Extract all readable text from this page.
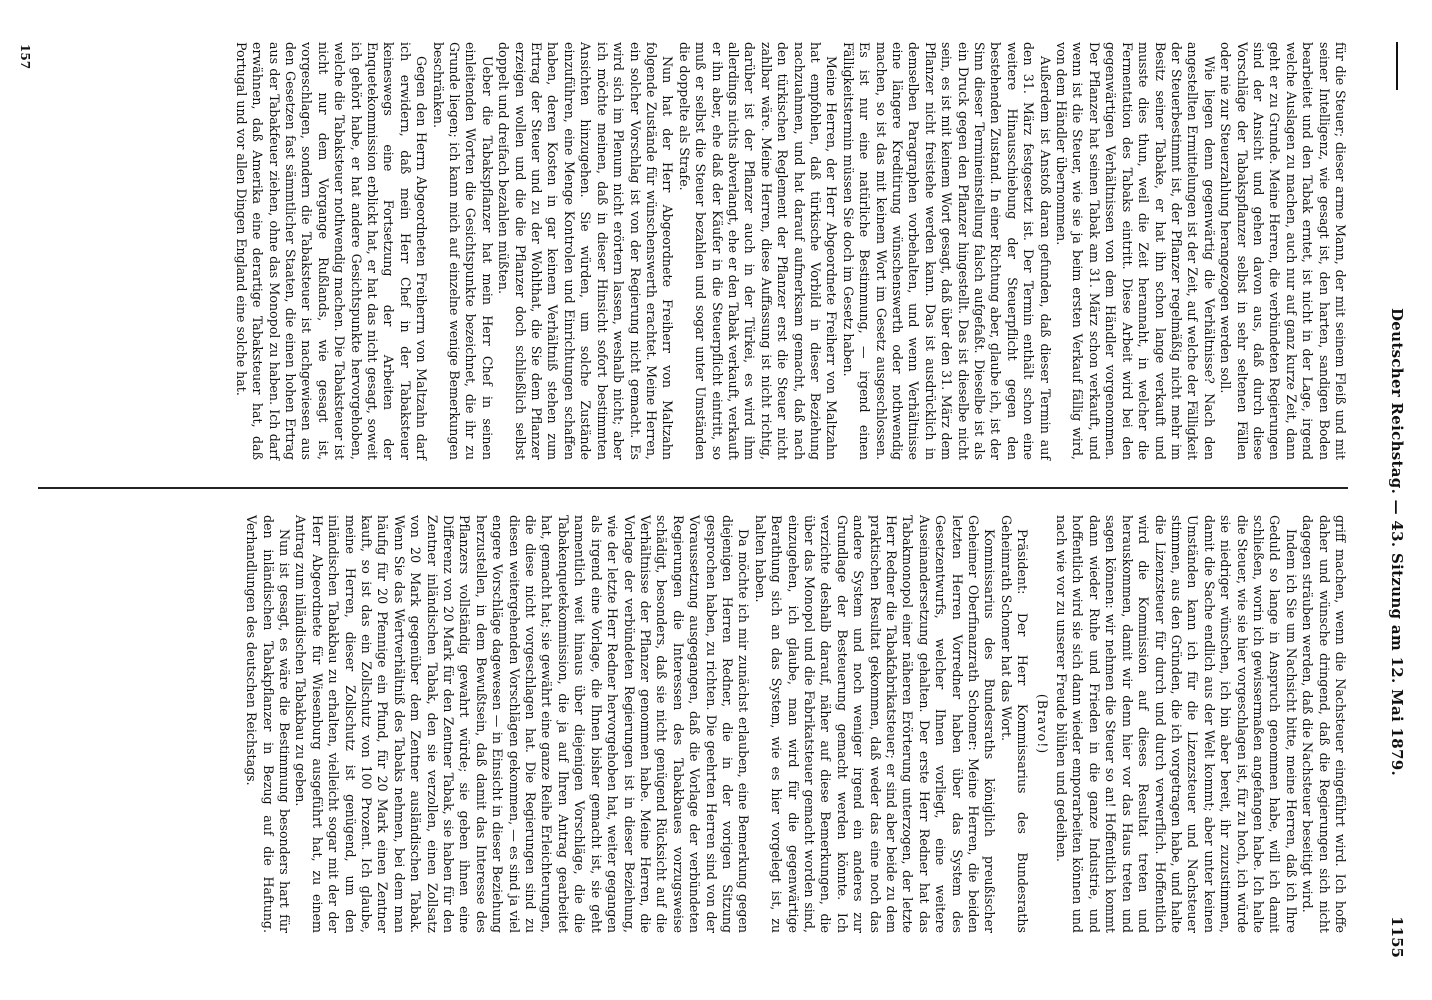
Deutscher Reichstag. — 43. Sitzung am 12. Mai 1879.
1155

für die Steuer; dieser arme Mann, der mit seinem Fleiß und mit seiner Intelligenz, wie gesagt ist, den harten, sandigen Boden bearbeitet und den Tabak erntet, ist nicht in der Lage, irgend welche Auslagen zu machen, auch nur auf ganz kurze Zeit, dann geht er zu Grunde. Meine Herren, die verbündeten Regierungen sind der Ansicht und gehen davon aus, daß durch diese Vorschläge der Tabakspflanzer selbst in sehr seltenen Fällen oder nie zur Steuerzahlung herangezogen werden soll.

Wie liegen denn gegenwärtig die Verhältnisse? Nach den angestellten Ermittelungen ist der Zeit, auf welche der Fälligkeit der Steuerbestimmt ist, der Pflanzer regelmäßig nicht mehr im Besitz seiner Tabake, er hat ihn schon lange verkauft und musste dies thun, weil die Zeit herannaht, in welcher die Fermentation des Tabaks eintritt. Diese Arbeit wird bei den gegenwärtigen Verhältnissen von dem Händler vorgenommen. Der Pflanzer hat seinen Tabak am 31. März schon verkauft, und wenn ist die Steuer, wie sie ja beim ersten Verkauf fällig wird, von dem Händler übernommen.

Außerdem ist Anstoß daran gefunden, daß dieser Termin auf den 31. März festgesetzt ist. Der Termin enthält schon eine weitere Hinausschiebung der Steuerpflicht gegen den bestehenden Zustand. In einer Richtung aber, glaube ich, ist der Sinn dieser Termineinstellung falsch aufgefaßt. Dieselbe ist als ein Druck gegen den Pflanzer hingestellt. Das ist dieselbe nicht sein, es ist mit keinem Wort gesagt, daß über den 31. März dem Pflanzer nicht freistehe werden kann. Das ist ausdrücklich in demselben Paragraphen vorbehalten, und wenn Verhältnisse eine längere Kreditirung wünschenswerth oder nothwendig machen, so ist das mit keinem Wort im Gesetz ausgeschlossen. Es ist nur eine natürliche Bestimmung, — irgend einen Fälligkeitstermin müssen Sie doch im Gesetz haben.

Meine Herren, der Herr Abgeordnete Freiherr von Maltzahn hat empfohlen, daß türkische Vorbild in dieser Beziehung nachzuahmen, und hat darauf aufmerksam gemacht, daß nach den türkischen Reglement der Pflanzer erst die Steuer nicht zahlbar wäre. Meine Herren, diese Auffassung ist nicht richtig, darüber ist der Pflanzer auch in der Türkei, es wird ihm allerdings nichts abverlangt, ehe er den Tabak verkauft, verkauft er ihn aber, ehe daß der Käufer in die Steuerpflicht eintritt, so muß er selbst die Steuer bezahlen und sogar unter Umständen die doppelte als Strafe.

Nun hat der Herr Abgeordnete Freiherr von Maltzahn folgende Zustände für wünschenswerth erachtet. Meine Herren, ein solcher Vorschlag ist von der Regierung nicht gemacht. Es wird sich im Plenum nicht erörtern lassen, weshalb nicht; aber ich möchte meinen, daß in dieser Hinsicht sofort bestimmten Ansichten hinzugehen. Sie würden, um solche Zustände einzuführen, eine Menge Kontrolen und Einrichtungen schaffen haben, deren Kosten in gar keinem Verhältniß stehen zum Ertrag der Steuer und zu der Wohlthat, die Sie dem Pflanzer erzeigen wollen und die die Pflanzer doch schließlich selbst doppelt und dreifach bezahlen müßten.

Ueber die Tabakspflanzer hat mein Herr Chef in seinen einleitenden Worten die Gesichtspunkte bezeichnet, die ihr zu Grunde liegen; ich kann mich auf einzelne wenige Bemerkungen beschränken.

Gegen den Herrn Abgeordneten Freiherrn von Maltzahn darf ich erwidern, daß mein Herr Chef in der Tabaksteuer keineswegs eine Fortsetzung der Arbeiten der Enquetekommission erblickt hat, er hat das nicht gesagt, soweit ich gehört habe, er hat andere Gesichtspunkte hervorgehoben, welche die Tabaksteuer nothwendig machen. Die Tabaksteuer ist nicht nur dem Vorgange Rußlands, wie gesagt ist, vorgeschlagen, sondern die Tabaksteuer ist nachgewiesen aus den Gesetzen fast sämmtlicher Staaten, die einen hohen Ertrag aus der Tabakfeuer ziehen, ohne das Monopol zu haben. Ich darf erwähnen, daß Amerika eine derartige Tabaksteuer hat, daß Portugal und vor allen Dingen England eine solche hat.

griff machen, wenn die Nachsteuer eingeführt wird. Ich hoffe daher und wünsche dringend, daß die Regierungen sich nicht dagegen sträuben werden, daß die Nachsteuer beseitigt wird.

Indem ich Sie um Nachsicht bitte, meine Herren, daß ich Ihre Geduld so lange in Anspruch genommen habe, will ich damit schließen, worin ich gewissermaßen angefangen habe. Ich halte die Steuer, wie sie hier vorgeschlagen ist, für zu hoch, ich würde sie niedriger wünschen, ich bin aber bereit, ihr zuzustimmen, damit die Sache endlich aus der Welt kommt; aber unter keinen Umständen kann ich für die Lizenzsteuer und Nachsteuer stimmen, aus den Gründen, die ich vorgetragen habe, und halte die Lizenzsteuer für durch und durch verwerflich. Hoffentlich wird die Kommission auf dieses Resultat treten und herauskommen, damit wir denn hier vor das Haus treten und sagen können: wir nehmen die Steuer so an! Hoffentlich kommt dann wieder Ruhe und Frieden in die ganze Industrie, und hoffentlich wird sie sich dann wieder emporarbeiten können und nach wie vor zu unserer Freude blühen und gedeihen.

(Bravo!)

Präsident: Der Herr Kommissarius des Bundesraths Geheimrath Schomer hat das Wort.

Kommissarius des Bundesraths königlich preußischer Geheimer Oberfinanzrath Schomer: Meine Herren, die beiden letzten Herren Vorredner haben über das System des Gesetzentwurfs, welcher Ihnen vorliegt, eine weitere Auseinandersetzung gehalten. Der erste Herr Redner hat das Tabakmonopol einer näheren Erörterung unterzogen, der letzte Herr Redner die Tabakfabrikatsteuer; er sind aber beide zu dem praktischen Resultat gekommen, daß weder das eine noch das andere System und noch weniger irgend ein anderes zur Grundlage der Besteuerung gemacht werden könnte. Ich verzichte deshalb darauf, näher auf diese Bemerkungen, die über das Monopol und die Fabrikatsteuer gemacht worden sind, einzugehen, ich glaube, man wird für die gegenwärtige Berathung sich an das System, wie es hier vorgelegt ist, zu halten haben.

Da möchte ich mir zunächst erlauben, eine Bemerkung gegen diejenigen Herren Redner, die in der vorigen Sitzung gesprochen haben, zu richten. Die geehrten Herren sind von der Voraussetzung ausgegangen, daß die Vorlage der verbündeten Regierungen die Interessen des Tabakbaues vorzugsweise schädigt, besonders, daß sie nicht genügend Rücksicht auf die Verhältnisse der Pflanzer genommen habe. Meine Herren, die Vorlage der verbündeten Regierungen ist in dieser Beziehung, wie der letzte Herr Redner hervorgehoben hat, weiter gegangen als irgend eine Vorlage, die Ihnen bisher gemacht ist, sie geht namentlich weit hinaus über diejenigen Vorschläge, die die Tabakenquetekommission, die ja auf Ihren Antrag gearbeitet hat, gemacht hat; sie gewährt eine ganze Reihe Erleichterungen, die diese nicht vorgeschlagen hat. Die Regierungen sind zu diesen weitergehenden Vorschlägen gekommen, — es sind ja viel engere Vorschläge dagewesen — in Einsicht in dieser Beziehung herzustellen, in dem Bewußtsein, daß damit das Interesse des Pflanzers vollständig gewahrt würde; sie geben ihnen eine Differenz von 20 Mark für den Zentner Tabak, sie haben für den Zentner inländischen Tabak, den sie verzollen, einen Zollsatz von 20 Mark gegenüber dem Zentner ausländischen Tabak. Wenn Sie das Wertverhältniß des Tabaks nehmen, bei dem man häufig für 20 Pfennige ein Pfund, für 20 Mark einen Zentner kauft, so ist das ein Zollschutz von 100 Prozent. Ich glaube, meine Herren, dieser Zollschutz ist genügend, um den inländischen Tabakbau zu erhalten, vielleicht sogar mit der der Herr Abgeordnete für Wiesenburg ausgeführt hat, zu einem Antrag zum inländischen Tabakbau zu geben.

Nun ist gesagt, es wäre die Bestimmung besonders hart für den inländischen Tabakpflanzer in Bezug auf die Haftung. Verhandlungen des deutschen Reichstags.

157
